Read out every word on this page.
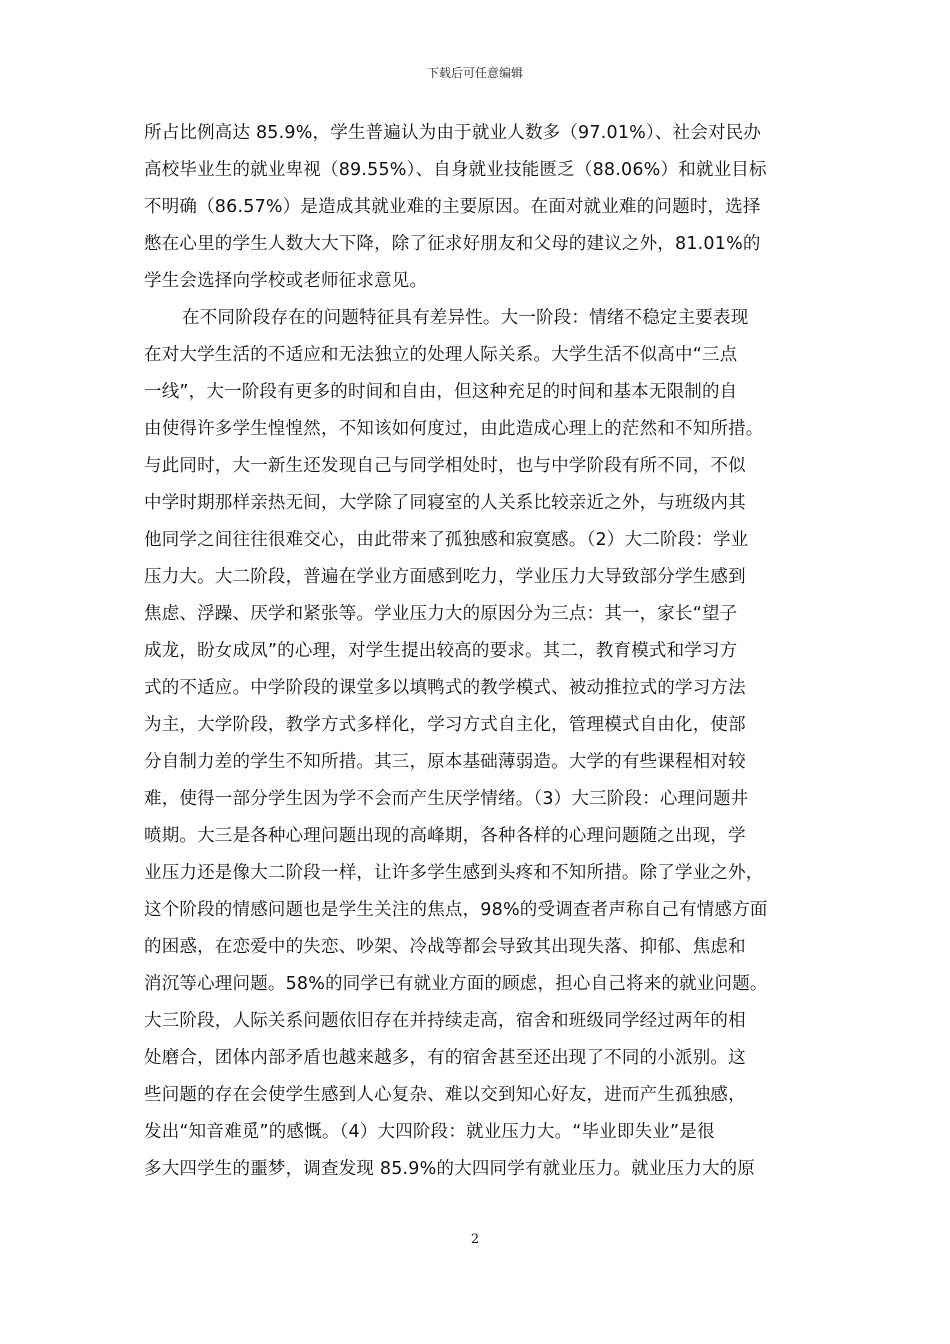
下载后可任意编辑
所占比例高达 85.9%，学生普遍认为由于就业人数多（97.01%）、社会对民办
高校毕业生的就业卑视（89.55%）、自身就业技能匮乏（88.06%）和就业目标
不明确（86.57%）是造成其就业难的主要原因。在面对就业难的问题时，选择
憋在心里的学生人数大大下降，除了征求好朋友和父母的建议之外，81.01%的
学生会选择向学校或老师征求意见。
在不同阶段存在的问题特征具有差异性。大一阶段：情绪不稳定主要表现
在对大学生活的不适应和无法独立的处理人际关系。大学生活不似高中“三点
一线”，大一阶段有更多的时间和自由，但这种充足的时间和基本无限制的自
由使得许多学生惶惶然，不知该如何度过，由此造成心理上的茫然和不知所措。
与此同时，大一新生还发现自己与同学相处时，也与中学阶段有所不同，不似
中学时期那样亲热无间，大学除了同寝室的人关系比较亲近之外，与班级内其
他同学之间往往很难交心，由此带来了孤独感和寂寞感。（2）大二阶段：学业
压力大。大二阶段，普遍在学业方面感到吃力，学业压力大导致部分学生感到
焦虑、浮躁、厌学和紧张等。学业压力大的原因分为三点：其一，家长“望子
成龙，盼女成凤”的心理，对学生提出较高的要求。其二，教育模式和学习方
式的不适应。中学阶段的课堂多以填鸭式的教学模式、被动推拉式的学习方法
为主，大学阶段，教学方式多样化，学习方式自主化，管理模式自由化，使部
分自制力差的学生不知所措。其三，原本基础薄弱造。大学的有些课程相对较
难，使得一部分学生因为学不会而产生厌学情绪。（3）大三阶段：心理问题井
喷期。大三是各种心理问题出现的高峰期，各种各样的心理问题随之出现，学
业压力还是像大二阶段一样，让许多学生感到头疼和不知所措。除了学业之外，
这个阶段的情感问题也是学生关注的焦点，98%的受调查者声称自己有情感方面
的困惑，在恋爱中的失恋、吵架、冷战等都会导致其出现失落、抑郁、焦虑和
消沉等心理问题。58%的同学已有就业方面的顾虑，担心自己将来的就业问题。
大三阶段，人际关系问题依旧存在并持续走高，宿舍和班级同学经过两年的相
处磨合，团体内部矛盾也越来越多，有的宿舍甚至还出现了不同的小派别。这
些问题的存在会使学生感到人心复杂、难以交到知心好友，进而产生孤独感，
发出“知音难觅”的感慨。（4）大四阶段：就业压力大。“毕业即失业”是很
多大四学生的噩梦，调查发现 85.9%的大四同学有就业压力。就业压力大的原
2
